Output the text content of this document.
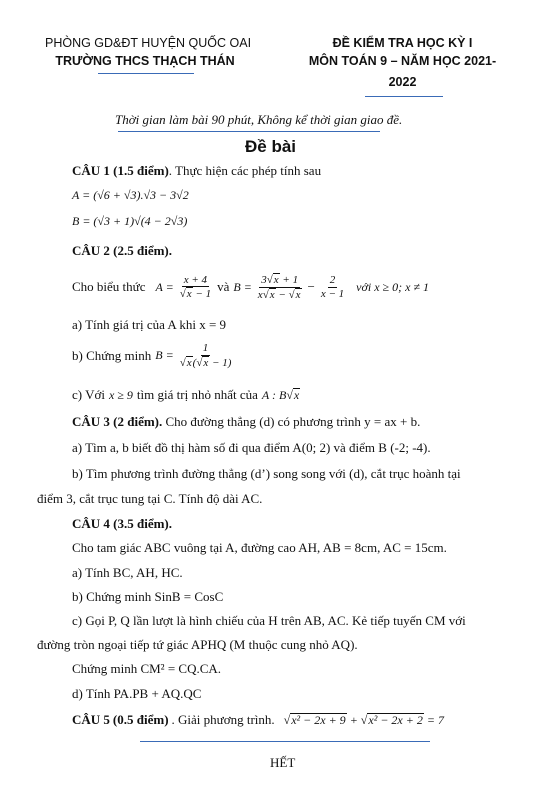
PHÒNG GD&ĐT HUYỆN QUỐC OAI
TRƯỜNG THCS THẠCH THÁN
ĐỀ KIỂM TRA HỌC KỲ I
MÔN TOÁN 9 – NĂM HỌC 2021-
2022
Thời gian làm bài 90 phút, Không kể thời gian giao đề.
Đề bài
CÂU 1 (1.5 điểm). Thực hiện các phép tính sau
A = (√6 + √3).√3 − 3√2
B = (√3 + 1)√(4 − 2√3)
CÂU 2 (2.5 điểm).
Cho biểu thức $A = \frac{x + 4}{√x - 1}$ và $B = \frac{3√x + 1}{x√x - √x} - \frac{2}{x - 1}$ với x ≥ 0; x ≠ 1
a) Tính giá trị của A khi x = 9
b) Chứng minh $B = \frac{1}{√x(√x - 1)}$
c) Với x ≥ 9 tìm giá trị nhỏ nhất của A : B√x
CÂU 3 (2 điểm). Cho đường thẳng (d) có phương trình y = ax + b.
a) Tìm a, b biết đồ thị hàm số đi qua điểm A(0; 2) và điểm B (-2; -4).
b) Tìm phương trình đường thẳng (d’) song song với (d), cắt trục hoành tại
điểm 3, cắt trục tung tại C. Tính độ dài AC.
CÂU 4 (3.5 điểm).
Cho tam giác ABC vuông tại A, đường cao AH, AB = 8cm, AC = 15cm.
a) Tính BC, AH, HC.
b) Chứng minh SinB = CosC
c) Gọi P, Q lần lượt là hình chiếu của H trên AB, AC. Kẻ tiếp tuyến CM với
đường tròn ngoại tiếp tứ giác APHQ (M thuộc cung nhỏ AQ).
Chứng minh CM² = CQ.CA.
d) Tính PA.PB + AQ.QC
CÂU 5 (0.5 điểm) . Giải phương trình. √x² − 2x + 9 + √x² − 2x + 2 = 7
HẾT
